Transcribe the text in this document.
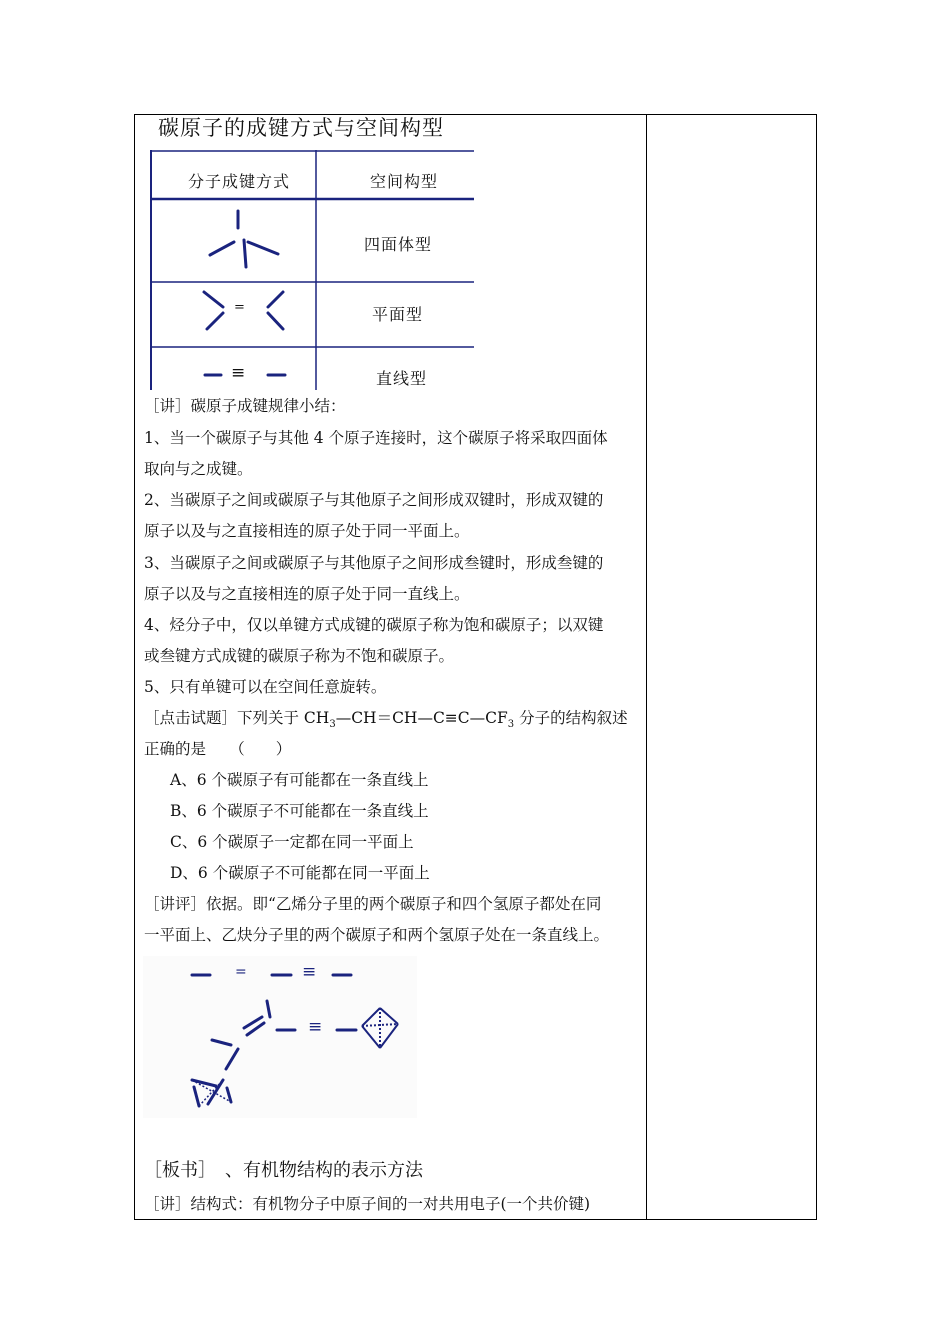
碳原子的成键方式与空间构型
分子成键方式	空间构型
四面体型
=	平面型
≡	直线型
［讲］碳原子成键规律小结：
1、当一个碳原子与其他 4 个原子连接时，这个碳原子将采取四面体
取向与之成键。
2、当碳原子之间或碳原子与其他原子之间形成双键时，形成双键的
原子以及与之直接相连的原子处于同一平面上。
3、当碳原子之间或碳原子与其他原子之间形成叁键时，形成叁键的
原子以及与之直接相连的原子处于同一直线上。
4、烃分子中，仅以单键方式成键的碳原子称为饱和碳原子；以双键
或叁键方式成键的碳原子称为不饱和碳原子。
5、只有单键可以在空间任意旋转。
［点击试题］下列关于 $CH_3—CH=CH—C\equiv C—CF_3$ 分子的结构叙述
正确的是　　（　　）
A、6 个碳原子有可能都在一条直线上
B、6 个碳原子不可能都在一条直线上
C、6 个碳原子一定都在同一平面上
D、6 个碳原子不可能都在同一平面上
［讲评］依据。即“乙烯分子里的两个碳原子和四个氢原子都处在同
一平面上、乙炔分子里的两个碳原子和两个氢原子处在一条直线上。
=	≡
≡
［板书］　、有机物结构的表示方法
［讲］结构式：有机物分子中原子间的一对共用电子(一个共价键)
